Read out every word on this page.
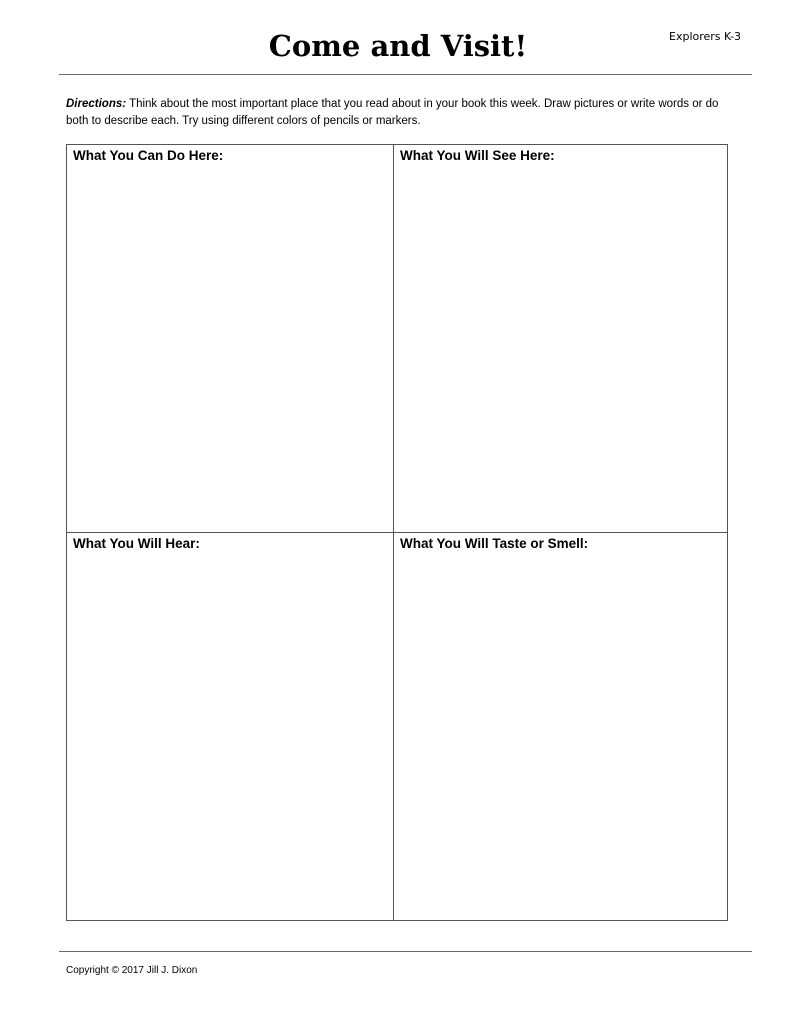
Come and Visit!	Explorers K-3

Directions: Think about the most important place that you read about in your book this week. Draw pictures or write words or do both to describe each. Try using different colors of pencils or markers.

What You Can Do Here:	What You Will See Here:

What You Will Hear:	What You Will Taste or Smell:

Copyright © 2017 Jill J. Dixon
